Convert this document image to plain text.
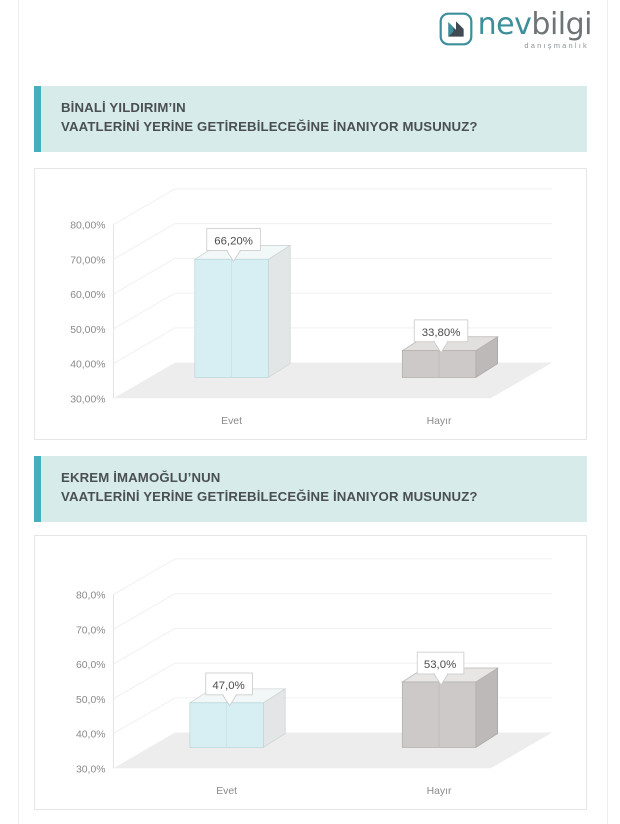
nev bilgi
danışmanlık
BİNALİ YILDIRIM’IN
VAATLERİNİ YERİNE GETİREBİLECEĞİNE İNANIYOR MUSUNUZ?
80,00%
70,00%
60,00%
50,00%
40,00%
30,00%
66,20%
33,80%
Evet	Hayır
EKREM İMAMOĞLU’NUN
VAATLERİNİ YERİNE GETİREBİLECEĞİNE İNANIYOR MUSUNUZ?
80,0%
70,0%
60,0%
50,0%
40,0%
30,0%
47,0%
53,0%
Evet	Hayır
